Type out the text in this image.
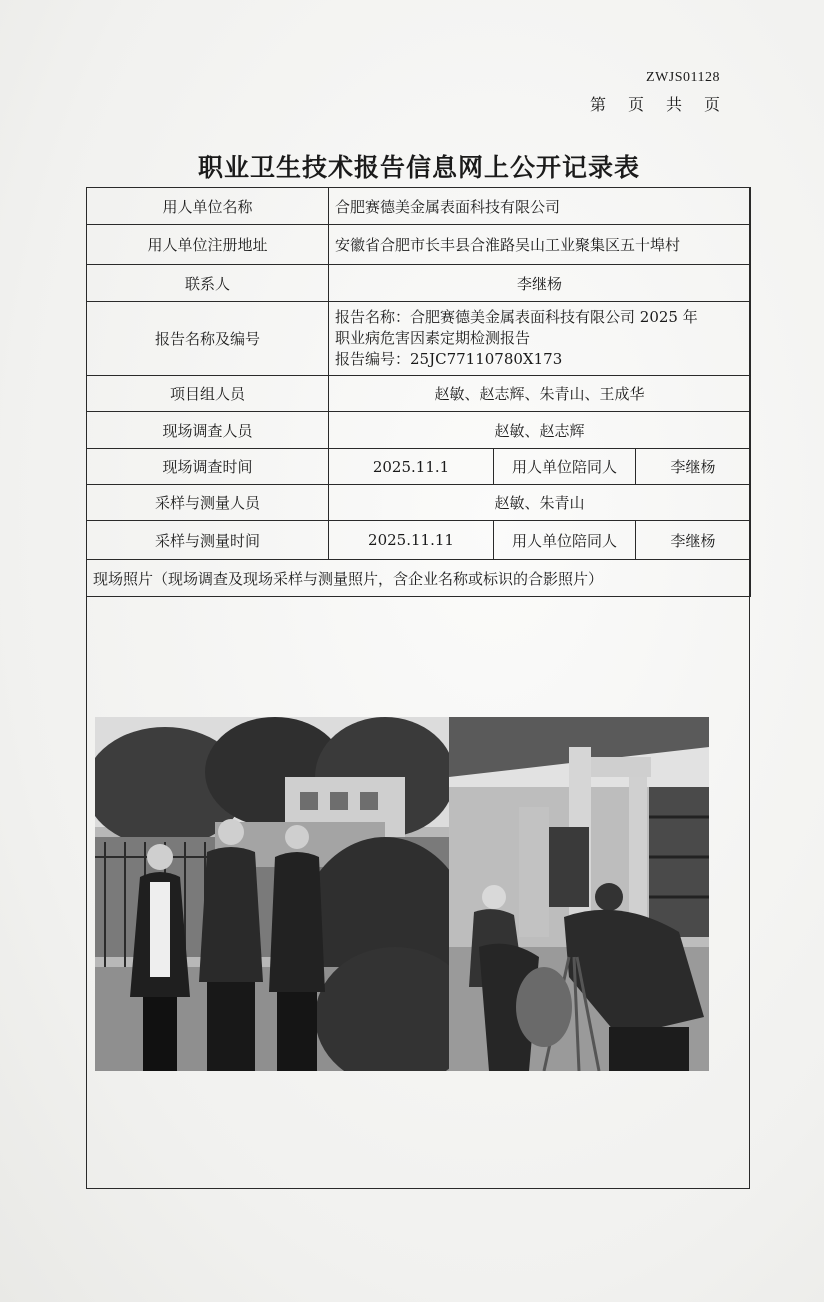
ZWJS01128
第 页 共 页
职业卫生技术报告信息网上公开记录表
用人单位名称	合肥赛德美金属表面科技有限公司		
用人单位注册地址	安徽省合肥市长丰县合淮路吴山工业聚集区五十埠村		
联系人	李继杨		
报告名称及编号	报告名称：合肥赛德美金属表面科技有限公司 2025 年
职业病危害因素定期检测报告
报告编号：25JC77110780X173		

项目组人员	赵敏、赵志辉、朱青山、王成华		
现场调查人员	赵敏、赵志辉		
现场调查时间	2025.11.1	用人单位陪同人	李继杨
采样与测量人员	赵敏、朱青山		
采样与测量时间	2025.11.11	用人单位陪同人	李继杨
现场照片（现场调查及现场采样与测量照片，含企业名称或标识的合影照片）			
